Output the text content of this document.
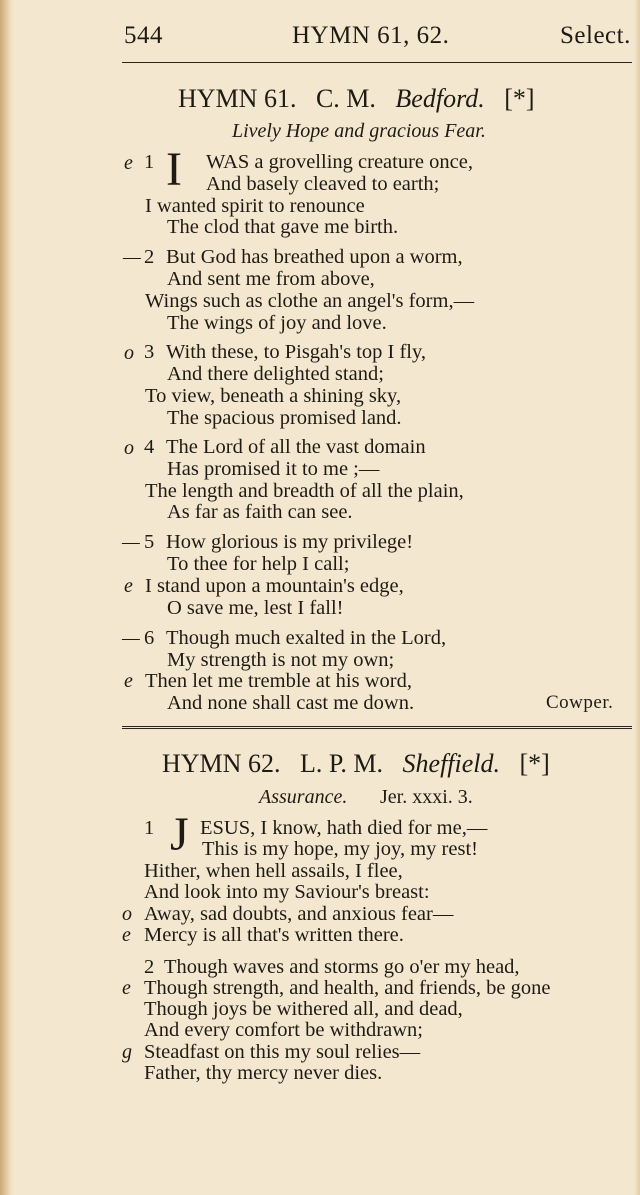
544	HYMN 61, 62.	Select.
HYMN 61. C. M. Bedford. [*]
Lively Hope and gracious Fear.
e 1 I WAS a grovelling creature once,
And basely cleaved to earth;
I wanted spirit to renounce
The clod that gave me birth.
— 2 But God has breathed upon a worm,
And sent me from above,
Wings such as clothe an angel's form,—
The wings of joy and love.
o 3 With these, to Pisgah's top I fly,
And there delighted stand;
To view, beneath a shining sky,
The spacious promised land.
o 4 The Lord of all the vast domain
Has promised it to me ;—
The length and breadth of all the plain,
As far as faith can see.
— 5 How glorious is my privilege!
To thee for help I call;
e I stand upon a mountain's edge,
O save me, lest I fall!
— 6 Though much exalted in the Lord,
My strength is not my own;
e Then let me tremble at his word,
And none shall cast me down.	Cowper.
HYMN 62. L. P. M. Sheffield. [*]
Assurance. Jer. xxxi. 3.
1 J ESUS, I know, hath died for me,—
This is my hope, my joy, my rest!
Hither, when hell assails, I flee,
And look into my Saviour's breast:
o Away, sad doubts, and anxious fear—
e Mercy is all that's written there.
2 Though waves and storms go o'er my head,
e Though strength, and health, and friends, be gone
Though joys be withered all, and dead,
And every comfort be withdrawn;
g Steadfast on this my soul relies—
Father, thy mercy never dies.
